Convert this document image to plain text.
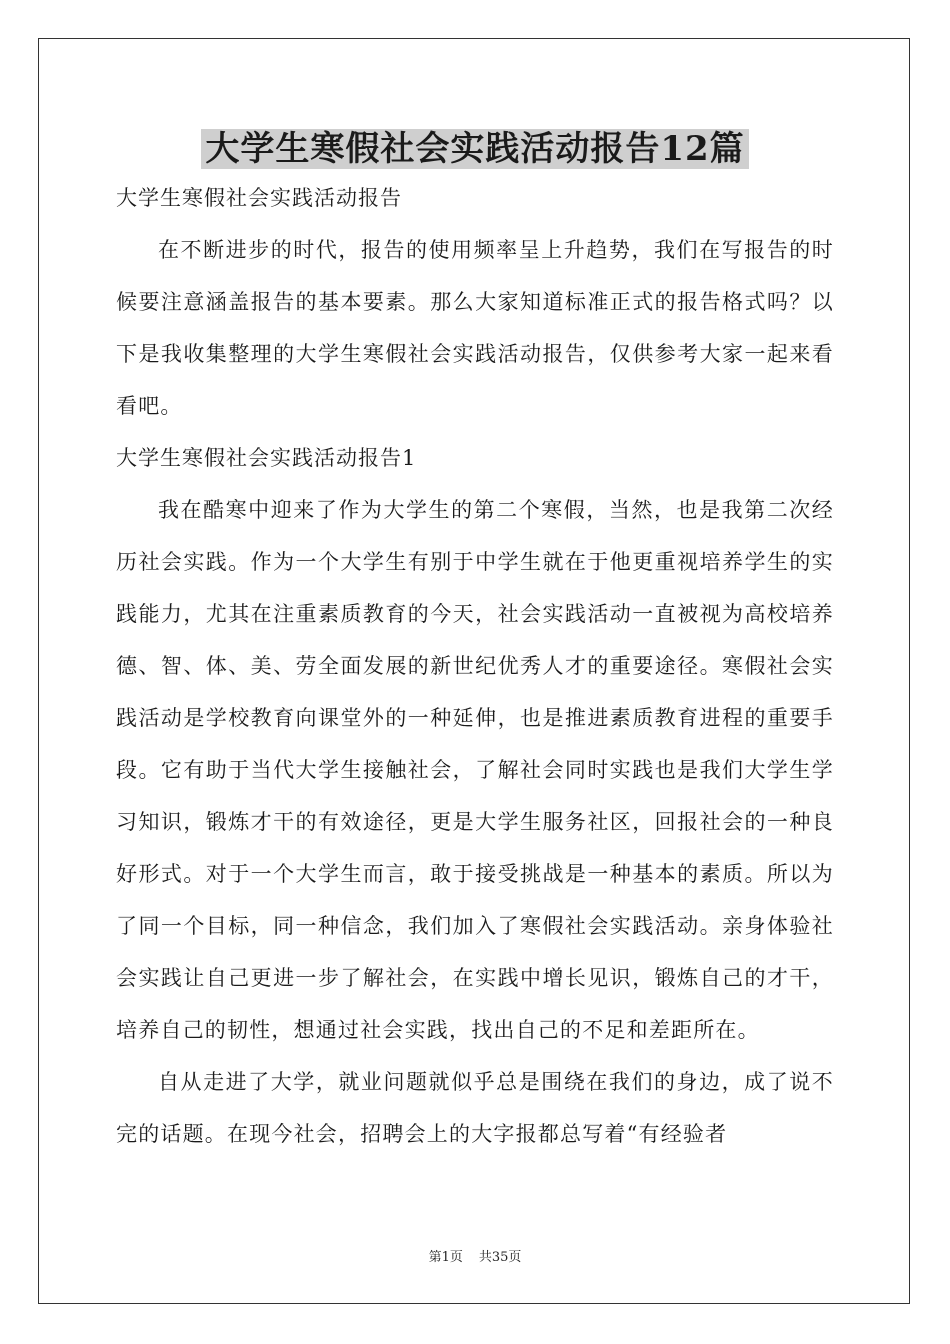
大学生寒假社会实践活动报告12篇

大学生寒假社会实践活动报告

在不断进步的时代，报告的使用频率呈上升趋势，我们在写报告的时候要注意涵盖报告的基本要素。那么大家知道标准正式的报告格式吗？以下是我收集整理的大学生寒假社会实践活动报告，仅供参考大家一起来看看吧。

大学生寒假社会实践活动报告1

我在酷寒中迎来了作为大学生的第二个寒假，当然，也是我第二次经历社会实践。作为一个大学生有别于中学生就在于他更重视培养学生的实践能力，尤其在注重素质教育的今天，社会实践活动一直被视为高校培养德、智、体、美、劳全面发展的新世纪优秀人才的重要途径。寒假社会实践活动是学校教育向课堂外的一种延伸，也是推进素质教育进程的重要手段。它有助于当代大学生接触社会，了解社会同时实践也是我们大学生学习知识，锻炼才干的有效途径，更是大学生服务社区，回报社会的一种良好形式。对于一个大学生而言，敢于接受挑战是一种基本的素质。所以为了同一个目标，同一种信念，我们加入了寒假社会实践活动。亲身体验社会实践让自己更进一步了解社会，在实践中增长见识，锻炼自己的才干，培养自己的韧性，想通过社会实践，找出自己的不足和差距所在。

自从走进了大学，就业问题就似乎总是围绕在我们的身边，成了说不完的话题。在现今社会，招聘会上的大字报都总写着“有经验者

第1页 共35页
